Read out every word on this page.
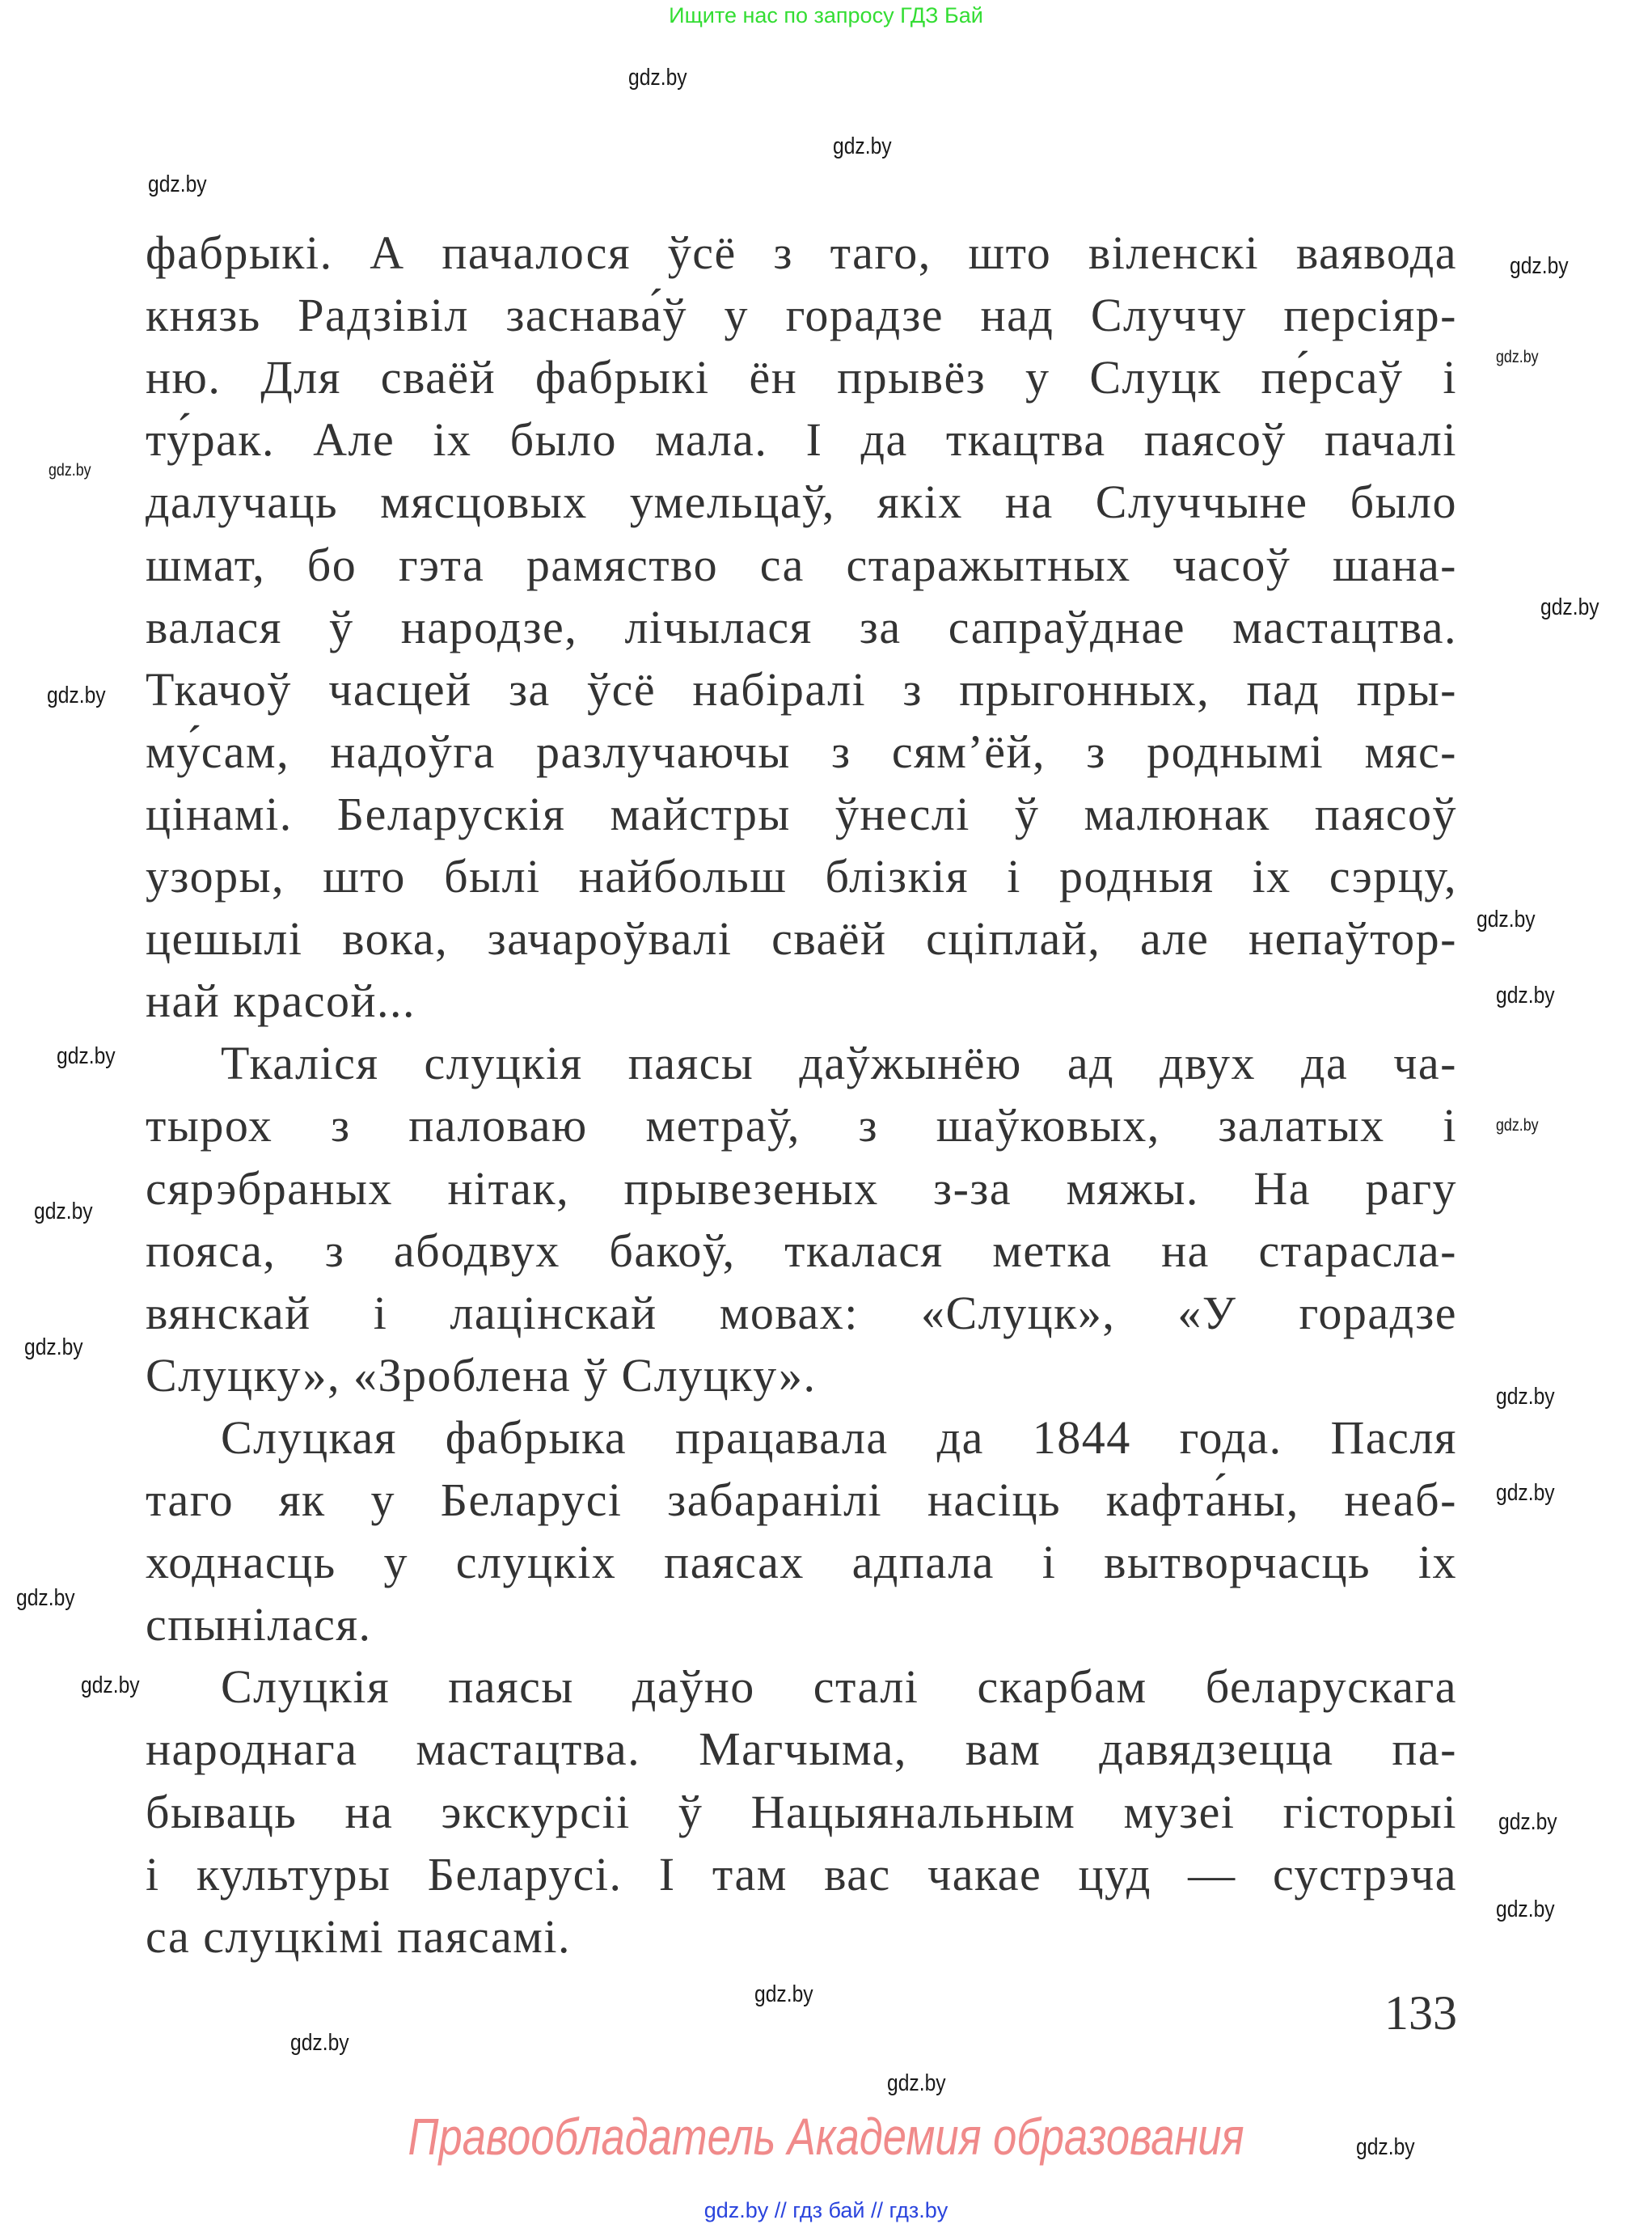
Ищите нас по запросу ГДЗ Бай
фабрыкі. А пачалося ўсё з таго, што віленскі ваявода
князь Радзівіл заснава́ў у горадзе над Случчу персіяр-
ню. Для сваёй фабрыкі ён прывёз у Слуцк пе́рсаў і
ту́рак. Але іх было мала. І да ткацтва паясоў пачалі
далучаць мясцовых умельцаў, якіх на Случчыне было
шмат, бо гэта рамяство са старажытных часоў шана-
валася ў народзе, лічылася за сапраўднае мастацтва.
Ткачоў часцей за ўсё набіралі з прыгонных, пад пры-
му́сам, надоўга разлучаючы з сям’ёй, з роднымі мяс-
цінамі. Беларускія майстры ўнеслі ў малюнак паясоў
узоры, што былі найбольш блізкія і родныя іх сэрцу,
цешылі вока, зачароўвалі сваёй сціплай, але непаўтор-
най красой...
Ткаліся слуцкія паясы даўжынёю ад двух да ча-
тырох з паловаю метраў, з шаўковых, залатых і
сярэбраных нітак, прывезеных з-за мяжы. На рагу
пояса, з абодвух бакоў, ткалася метка на старасла-
вянскай і лацінскай мовах: «Слуцк», «У горадзе
Слуцку», «Зроблена ў Слуцку».
Слуцкая фабрыка працавала да 1844 года. Пасля
таго як у Беларусі забаранілі насіць кафта́ны, неаб-
ходнасць у слуцкіх паясах адпала і вытворчасць іх
спынілася.
Слуцкія паясы даўно сталі скарбам беларускага
народнага мастацтва. Магчыма, вам давядзецца па-
бываць на экскурсіі ў Нацыянальным музеі гісторыі
і культуры Беларусі. І там вас чакае цуд — сустрэча
са слуцкімі паясамі.
gdz.by
gdz.by
gdz.by
gdz.by
gdz.by
gdz.by
gdz.by
gdz.by
gdz.by
gdz.by
gdz.by
gdz.by
gdz.by
gdz.by
gdz.by
gdz.by
gdz.by
gdz.by
gdz.by
gdz.by
gdz.by
gdz.by
gdz.by
gdz.by
133
Правообладатель Академия образования
gdz.by // гдз бай // гдз.by
